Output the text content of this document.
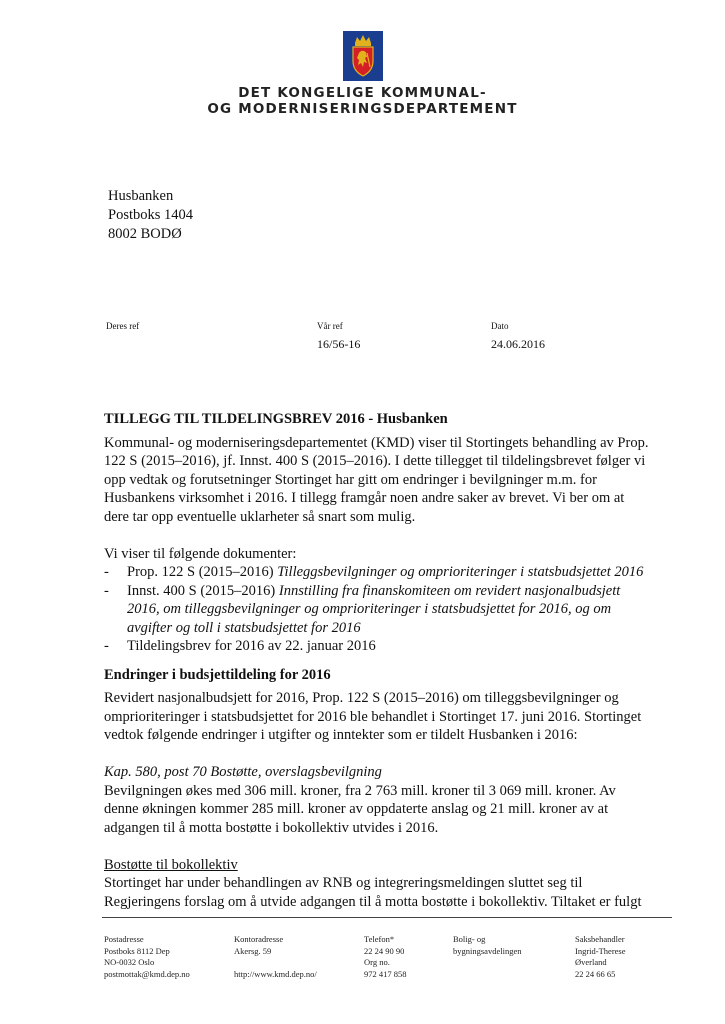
DET KONGELIGE KOMMUNAL-
OG MODERNISERINGSDEPARTEMENT
Husbanken
Postboks 1404
8002 BODØ
Deres ref	Vår ref
16/56-16
Dato
24.06.2016

TILLEGG TIL TILDELINGSBREV 2016 - Husbanken

Kommunal- og moderniseringsdepartementet (KMD) viser til Stortingets behandling av Prop. 122 S (2015–2016), jf. Innst. 400 S (2015–2016). I dette tillegget til tildelingsbrevet følger vi opp vedtak og forutsetninger Stortinget har gitt om endringer i bevilgninger m.m. for Husbankens virksomhet i 2016. I tillegg framgår noen andre saker av brevet. Vi ber om at dere tar opp eventuelle uklarheter så snart som mulig.

Vi viser til følgende dokumenter:

- Prop. 122 S (2015–2016) Tilleggsbevilgninger og omprioriteringer i statsbudsjettet 2016
- Innst. 400 S (2015–2016) Innstilling fra finanskomiteen om revidert nasjonalbudsjett 2016, om tilleggsbevilgninger og omprioriteringer i statsbudsjettet for 2016, og om avgifter og toll i statsbudsjettet for 2016
- Tildelingsbrev for 2016 av 22. januar 2016

Endringer i budsjettildeling for 2016

Revidert nasjonalbudsjett for 2016, Prop. 122 S (2015–2016) om tilleggsbevilgninger og omprioriteringer i statsbudsjettet for 2016 ble behandlet i Stortinget 17. juni 2016. Stortinget vedtok følgende endringer i utgifter og inntekter som er tildelt Husbanken i 2016:

Kap. 580, post 70 Bostøtte, overslagsbevilgning

Bevilgningen økes med 306 mill. kroner, fra 2 763 mill. kroner til 3 069 mill. kroner. Av denne økningen kommer 285 mill. kroner av oppdaterte anslag og 21 mill. kroner av at adgangen til å motta bostøtte i bokollektiv utvides i 2016.

Bostøtte til bokollektiv

Stortinget har under behandlingen av RNB og integreringsmeldingen sluttet seg til Regjeringens forslag om å utvide adgangen til å motta bostøtte i bokollektiv. Tiltaket er fulgt

Postadresse
Postboks 8112 Dep
NO-0032 Oslo
postmottak@kmd.dep.no
Kontoradresse
Akersg. 59
http://www.kmd.dep.no/
Telefon*
22 24 90 90
Org no.
972 417 858
Bolig- og
bygningsavdelingen
Saksbehandler
Ingrid-Therese
Øverland
22 24 66 65
